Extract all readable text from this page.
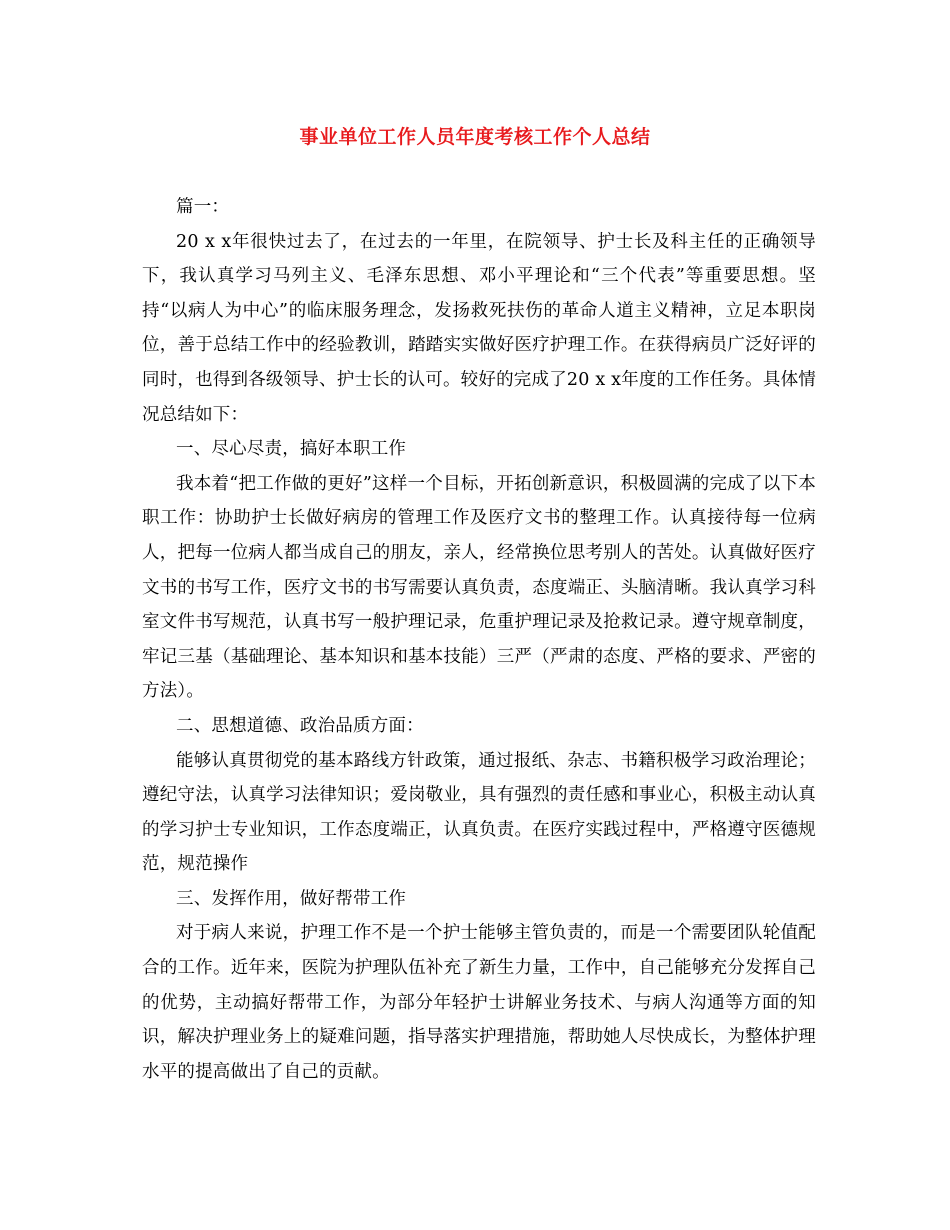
事业单位工作人员年度考核工作个人总结

篇一：

20 x x年很快过去了，在过去的一年里，在院领导、护士长及科主任的正确领导下，我认真学习马列主义、毛泽东思想、邓小平理论和“三个代表”等重要思想。坚持“以病人为中心”的临床服务理念，发扬救死扶伤的革命人道主义精神，立足本职岗位，善于总结工作中的经验教训，踏踏实实做好医疗护理工作。在获得病员广泛好评的同时，也得到各级领导、护士长的认可。较好的完成了20 x x年度的工作任务。具体情况总结如下：

一、尽心尽责，搞好本职工作

我本着“把工作做的更好”这样一个目标，开拓创新意识，积极圆满的完成了以下本职工作：协助护士长做好病房的管理工作及医疗文书的整理工作。认真接待每一位病人，把每一位病人都当成自己的朋友，亲人，经常换位思考别人的苦处。认真做好医疗文书的书写工作，医疗文书的书写需要认真负责，态度端正、头脑清晰。我认真学习科室文件书写规范，认真书写一般护理记录，危重护理记录及抢救记录。遵守规章制度，牢记三基（基础理论、基本知识和基本技能）三严（严肃的态度、严格的要求、严密的方法）。

二、思想道德、政治品质方面：

能够认真贯彻党的基本路线方针政策，通过报纸、杂志、书籍积极学习政治理论；遵纪守法，认真学习法律知识；爱岗敬业，具有强烈的责任感和事业心，积极主动认真的学习护士专业知识，工作态度端正，认真负责。在医疗实践过程中，严格遵守医德规范，规范操作

三、发挥作用，做好帮带工作

对于病人来说，护理工作不是一个护士能够主管负责的，而是一个需要团队轮值配合的工作。近年来，医院为护理队伍补充了新生力量，工作中，自己能够充分发挥自己的优势，主动搞好帮带工作，为部分年轻护士讲解业务技术、与病人沟通等方面的知识，解决护理业务上的疑难问题，指导落实护理措施，帮助她人尽快成长，为整体护理水平的提高做出了自己的贡献。
